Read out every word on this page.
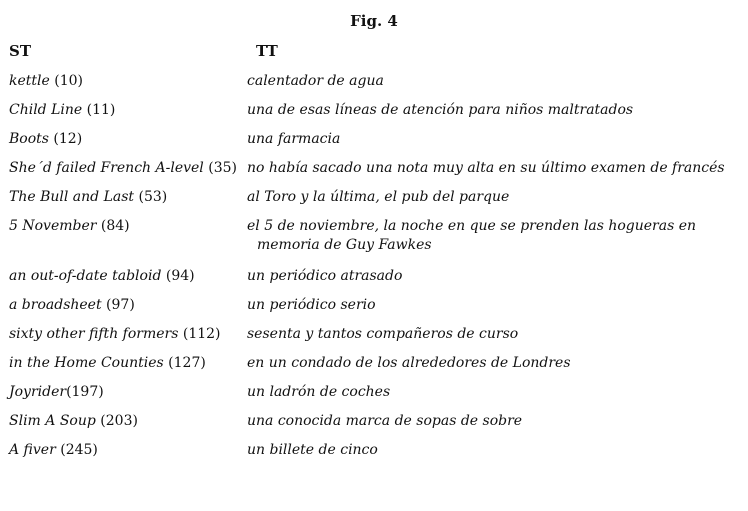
Fig. 4
ST	TT
kettle (10)	calentador de agua
Child Line (11)	una de esas líneas de atención para niños maltratados
Boots (12)	una farmacia
She´d failed French A-level (35) no había sacado una nota muy alta en su último examen de francés
The Bull and Last (53)	al Toro y la última, el pub del parque
5 November (84)	el 5 de noviembre, la noche en que se prenden las hogueras en
memoria de Guy Fawkes
an out-of-date tabloid (94)	un periódico atrasado
a broadsheet (97)	un periódico serio
sixty other fifth formers (112)	sesenta y tantos compañeros de curso
in the Home Counties (127)	en un condado de los alrededores de Londres
Joyrider(197)	un ladrón de coches
Slim A Soup (203)	una conocida marca de sopas de sobre
A fiver (245)	un billete de cinco
